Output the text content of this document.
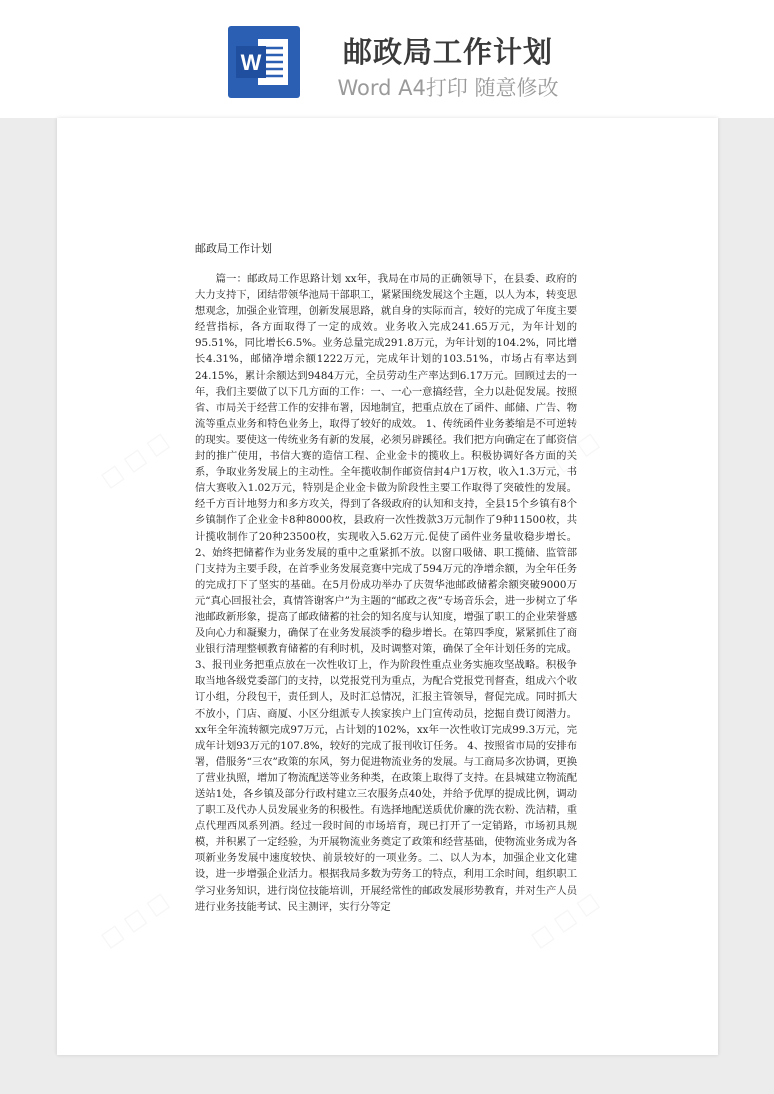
W	邮政局工作计划
Word A4打印 随意修改
□ □ □	□ □ □
□ □ □	□ □ □
邮政局工作计划

篇一：邮政局工作思路计划 xx年，我局在市局的正确领导下，在县委、政府的大力支持下，团结带领华池局干部职工，紧紧围绕发展这个主题，以人为本，转变思想观念，加强企业管理，创新发展思路，就自身的实际而言，较好的完成了年度主要经营指标，各方面取得了一定的成效。业务收入完成241.65万元，为年计划的95.51%，同比增长6.5%。业务总量完成291.8万元，为年计划的104.2%，同比增长4.31%，邮储净增余额1222万元，完成年计划的103.51%，市场占有率达到24.15%，累计余额达到9484万元，全员劳动生产率达到6.17万元。回顾过去的一年，我们主要做了以下几方面的工作：一、一心一意搞经营，全力以赴促发展。按照省、市局关于经营工作的安排布署，因地制宜，把重点放在了函件、邮储、广告、物流等重点业务和特色业务上，取得了较好的成效。 1、传统函件业务萎缩是不可逆转的现实。要使这一传统业务有新的发展，必须另辟蹊径。我们把方向确定在了邮资信封的推广使用，书信大赛的造信工程、企业金卡的揽收上。积极协调好各方面的关系，争取业务发展上的主动性。全年揽收制作邮资信封4户1万枚，收入1.3万元，书信大赛收入1.02万元，特别是企业金卡做为阶段性主要工作取得了突破性的发展。经千方百计地努力和多方攻关，得到了各级政府的认知和支持，全县15个乡镇有8个乡镇制作了企业金卡8种8000枚，县政府一次性拨款3万元制作了9种11500枚，共计揽收制作了20种23500枚，实现收入5.62万元.促使了函件业务量收稳步增长。 2、始终把储蓄作为业务发展的重中之重紧抓不放。以窗口吸储、职工揽储、监管部门支持为主要手段，在首季业务发展竞赛中完成了594万元的净增余额，为全年任务的完成打下了坚实的基础。在5月份成功举办了庆贺华池邮政储蓄余额突破9000万元“真心回报社会，真情答谢客户”为主题的“邮政之夜”专场音乐会，进一步树立了华池邮政新形象，提高了邮政储蓄的社会的知名度与认知度，增强了职工的企业荣誉感及向心力和凝聚力，确保了在业务发展淡季的稳步增长。在第四季度，紧紧抓住了商业银行清理整顿教育储蓄的有利时机，及时调整对策，确保了全年计划任务的完成。 3、报刊业务把重点放在一次性收订上，作为阶段性重点业务实施攻坚战略。积极争取当地各级党委部门的支持，以党报党刊为重点，为配合党报党刊督查，组成六个收订小组，分段包干，责任到人，及时汇总情况，汇报主管领导，督促完成。同时抓大不放小，门店、商厦、小区分组派专人挨家挨户上门宣传动员，挖掘自费订阅潜力。xx年全年流转额完成97万元，占计划的102%，xx年一次性收订完成99.3万元，完成年计划93万元的107.8%，较好的完成了报刊收订任务。 4、按照省市局的安排布署，借服务“三农”政策的东风，努力促进物流业务的发展。与工商局多次协调，更换了营业执照，增加了物流配送等业务种类，在政策上取得了支持。在县城建立物流配送站1处，各乡镇及部分行政村建立三农服务点40处，并给予优厚的提成比例，调动了职工及代办人员发展业务的积极性。有选择地配送质优价廉的洗衣粉、洗洁精，重点代理西凤系列酒。经过一段时间的市场培育，现已打开了一定销路，市场初具规模，并积累了一定经验，为开展物流业务奠定了政策和经营基础，使物流业务成为各项新业务发展中速度较快、前景较好的一项业务。二、以人为本，加强企业文化建设，进一步增强企业活力。根据我局多数为劳务工的特点，利用工余时间，组织职工学习业务知识，进行岗位技能培训，开展经常性的邮政发展形势教育，并对生产人员进行业务技能考试、民主测评，实行分等定
